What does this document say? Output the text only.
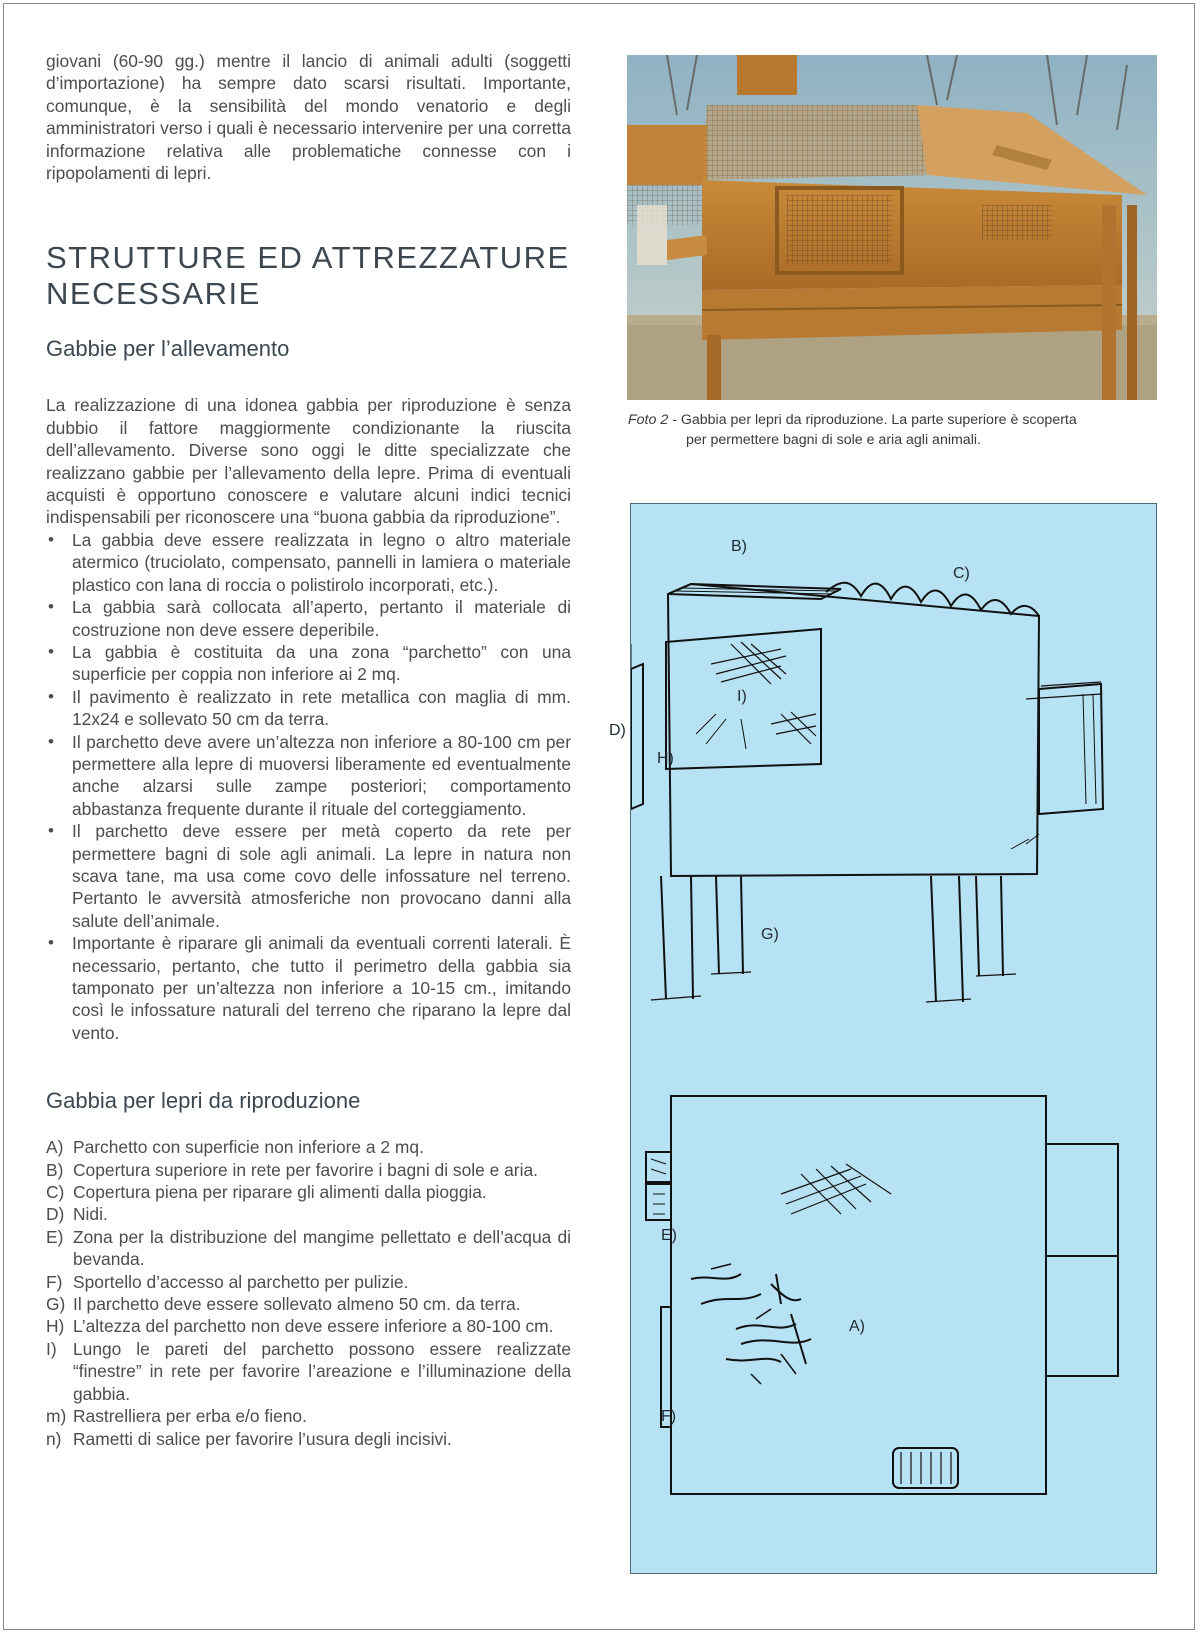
giovani (60-90 gg.) mentre il lancio di animali adulti (soggetti d’importazione) ha sempre dato scarsi risultati. Importante, comunque, è la sensibilità del mondo venatorio e degli amministratori verso i quali è necessario intervenire per una corretta informazione relativa alle problematiche connesse con i ripopolamenti di lepri.

STRUTTURE ED ATTREZZATURE NECESSARIE
Gabbie per l’allevamento

La realizzazione di una idonea gabbia per riproduzione è senza dubbio il fattore maggiormente condizionante la riuscita dell’allevamento. Diverse sono oggi le ditte specializzate che realizzano gabbie per l’allevamento della lepre. Prima di eventuali acquisti è opportuno conoscere e valutare alcuni indici tecnici indispensabili per riconoscere una “buona gabbia da riproduzione”.

• La gabbia deve essere realizzata in legno o altro materiale atermico (truciolato, compensato, pannelli in lamiera o materiale plastico con lana di roccia o polistirolo incorporati, etc.).
• La gabbia sarà collocata all’aperto, pertanto il materiale di costruzione non deve essere deperibile.
• La gabbia è costituita da una zona “parchetto” con una superficie per coppia non inferiore ai 2 mq.
• Il pavimento è realizzato in rete metallica con maglia di mm. 12x24 e sollevato 50 cm da terra.
• Il parchetto deve avere un’altezza non inferiore a 80-100 cm per permettere alla lepre di muoversi liberamente ed eventualmente anche alzarsi sulle zampe posteriori; comportamento abbastanza frequente durante il rituale del corteggiamento.
• Il parchetto deve essere per metà coperto da rete per permettere bagni di sole agli animali. La lepre in natura non scava tane, ma usa come covo delle infossature nel terreno. Pertanto le avversità atmosferiche non provocano danni alla salute dell’animale.
• Importante è riparare gli animali da eventuali correnti laterali. È necessario, pertanto, che tutto il perimetro della gabbia sia tamponato per un’altezza non inferiore a 10-15 cm., imitando così le infossature naturali del terreno che riparano la lepre dal vento.
Gabbia per lepri da riproduzione
A) Parchetto con superficie non inferiore a 2 mq.
B) Copertura superiore in rete per favorire i bagni di sole e aria.
C) Copertura piena per riparare gli alimenti dalla pioggia.
D) Nidi.
E) Zona per la distribuzione del mangime pellettato e dell’acqua di bevanda.
F) Sportello d’accesso al parchetto per pulizie.
G) Il parchetto deve essere sollevato almeno 50 cm. da terra.
H) L’altezza del parchetto non deve essere inferiore a 80-100 cm.
I) Lungo le pareti del parchetto possono essere realizzate “finestre” in rete per favorire l’areazione e l’illuminazione della gabbia.
m) Rastrelliera per erba e/o fieno.
n) Rametti di salice per favorire l’usura degli incisivi.
Foto 2 - Gabbia per lepri da riproduzione. La parte superiore è scoperta
per permettere bagni di sole e aria agli animali.
B)
C)
I)
D)
H)
G)
E)
A)
F)
